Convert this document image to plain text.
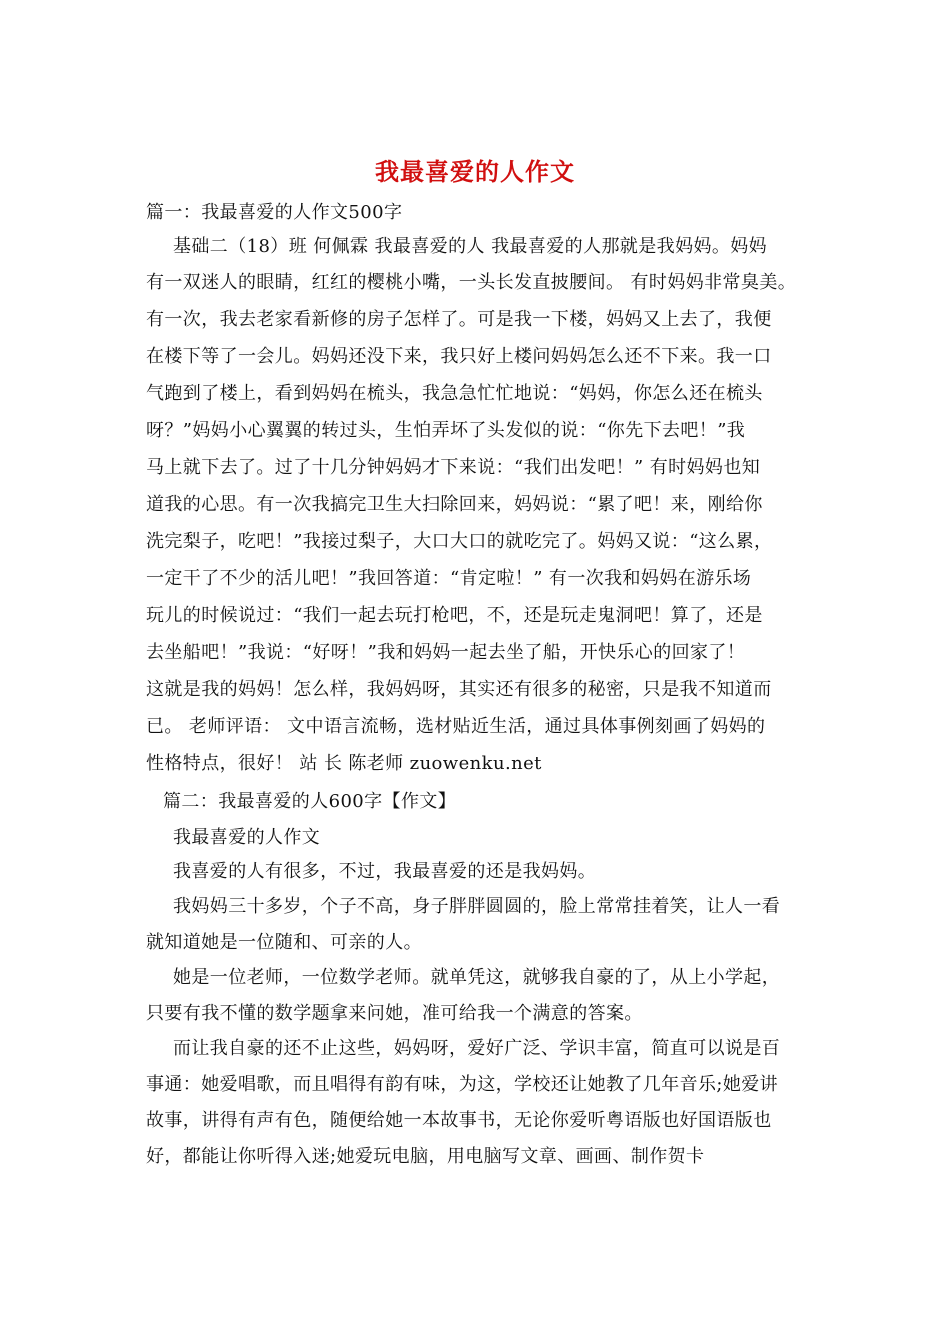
我最喜爱的人作文
篇一：我最喜爱的人作文500字
基础二（18）班 何佩霖 我最喜爱的人 我最喜爱的人那就是我妈妈。妈妈
有一双迷人的眼睛，红红的樱桃小嘴，一头长发直披腰间。 有时妈妈非常臭美。
有一次，我去老家看新修的房子怎样了。可是我一下楼，妈妈又上去了，我便
在楼下等了一会儿。妈妈还没下来，我只好上楼问妈妈怎么还不下来。我一口
气跑到了楼上，看到妈妈在梳头，我急急忙忙地说：“妈妈，你怎么还在梳头
呀？”妈妈小心翼翼的转过头，生怕弄坏了头发似的说：“你先下去吧！”我
马上就下去了。过了十几分钟妈妈才下来说：“我们出发吧！” 有时妈妈也知
道我的心思。有一次我搞完卫生大扫除回来，妈妈说：“累了吧！来，刚给你
洗完梨子，吃吧！”我接过梨子，大口大口的就吃完了。妈妈又说：“这么累，
一定干了不少的活儿吧！”我回答道：“肯定啦！” 有一次我和妈妈在游乐场
玩儿的时候说过：“我们一起去玩打枪吧，不，还是玩走鬼洞吧！算了，还是
去坐船吧！”我说：“好呀！”我和妈妈一起去坐了船，开快乐心的回家了！
这就是我的妈妈！怎么样，我妈妈呀，其实还有很多的秘密，只是我不知道而
已。 老师评语： 文中语言流畅，选材贴近生活，通过具体事例刻画了妈妈的
性格特点，很好！ 站 长 陈老师 zuowenku.net
篇二：我最喜爱的人600字【作文】
我最喜爱的人作文
我喜爱的人有很多，不过，我最喜爱的还是我妈妈。
我妈妈三十多岁，个子不高，身子胖胖圆圆的，脸上常常挂着笑，让人一看
就知道她是一位随和、可亲的人。
她是一位老师，一位数学老师。就单凭这，就够我自豪的了，从上小学起，
只要有我不懂的数学题拿来问她，准可给我一个满意的答案。
而让我自豪的还不止这些，妈妈呀，爱好广泛、学识丰富，简直可以说是百
事通：她爱唱歌，而且唱得有韵有味，为这，学校还让她教了几年音乐;她爱讲
故事，讲得有声有色，随便给她一本故事书，无论你爱听粤语版也好国语版也
好，都能让你听得入迷;她爱玩电脑，用电脑写文章、画画、制作贺卡
